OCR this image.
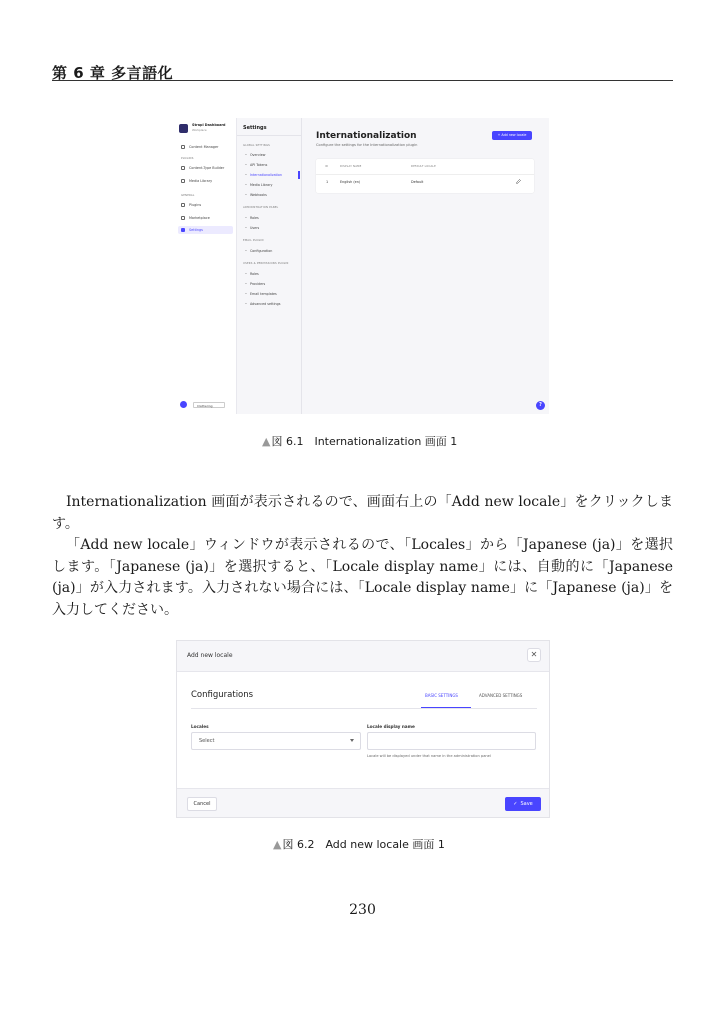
第 6 章 多言語化
Strapi Dashboard
Workplace
Content Manager
PLUGINS
Content-Type Builder
Media Library
GENERAL
Plugins
Marketplace
Settings
Clathering
Settings
GLOBAL SETTINGS
• Overview
• API Tokens
• Internationalization
• Media Library
• Webhooks
ADMINISTRATION PANEL
• Roles
• Users
EMAIL PLUGIN
• Configuration
USERS & PERMISSIONS PLUGIN
• Roles
• Providers
• Email templates
• Advanced settings
Internationalization
Configure the settings for the Internationalization plugin
+ Add new locale
ID	DISPLAY NAME	DEFAULT LOCALE
1	English (en)	Default
?
▲図 6.1　Internationalization 画面 1

Internationalization 画面が表示されるので、画面右上の「Add new locale」をクリックします。

「Add new locale」ウィンドウが表示されるので、「Locales」から「Japanese (ja)」を選択します。「Japanese (ja)」を選択すると、「Locale display name」には、自動的に「Japanese (ja)」が入力されます。入力されない場合には、「Locale display name」に「Japanese (ja)」を入力してください。

Add new locale	✕
Configurations	BASIC SETTINGS	ADVANCED SETTINGS
Locales	Locale display name
Select
Locale will be displayed under that name in the administration panel
Cancel	✓ Save
▲図 6.2　Add new locale 画面 1
230
